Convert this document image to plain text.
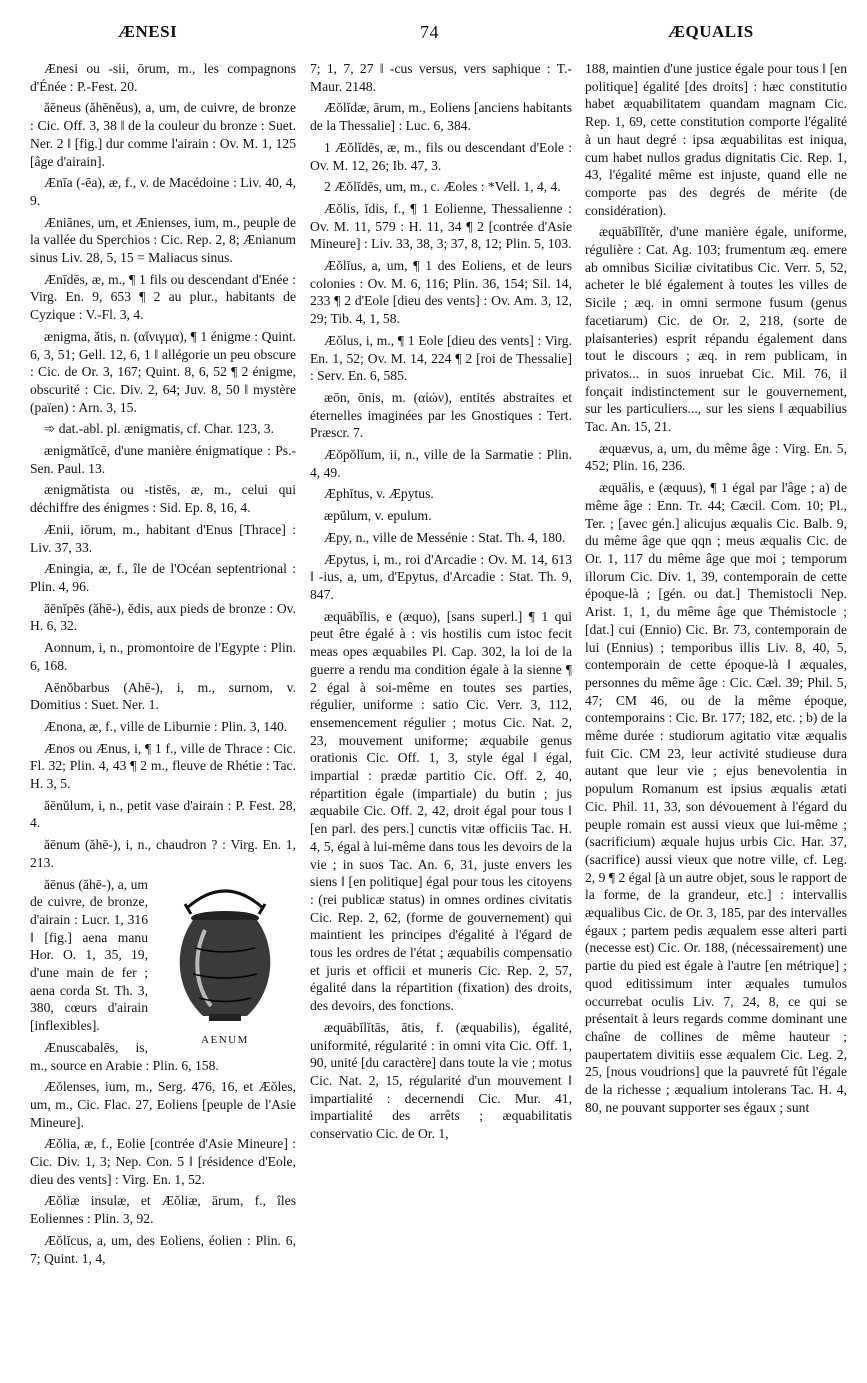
ÆNESI	74	ÆQUALIS

Ænesi ou -sii, ōrum, m., les compagnons d'Énée : P.-Fest. 20.

ăēneus (ăhēnĕus), a, um, de cuivre, de bronze : Cic. Off. 3, 38 ‖ de la couleur du bronze : Suet. Ner. 2 ‖ [fig.] dur comme l'airain : Ov. M. 1, 125 [âge d'airain].

Ænīa (-ēa), æ, f., v. de Macédoine : Liv. 40, 4, 9.

Æniānes, um, et Ænienses, ium, m., peuple de la vallée du Sperchios : Cic. Rep. 2, 8; Ænianum sinus Liv. 28, 5, 15 = Maliacus sinus.

Ænīdēs, æ, m., ¶ 1 fils ou descendant d'Enée : Virg. En. 9, 653 ¶ 2 au plur., habitants de Cyzique : V.-Fl. 3, 4.

ænigma, ătis, n. (αἴνιγμα), ¶ 1 énigme : Quint. 6, 3, 51; Gell. 12, 6, 1 ‖ allégorie un peu obscure : Cic. de Or. 3, 167; Quint. 8, 6, 52 ¶ 2 énigme, obscurité : Cic. Div. 2, 64; Juv. 8, 50 ‖ mystère (païen) : Arn. 3, 15.

➾ dat.-abl. pl. ænigmatis, cf. Char. 123, 3.

ænigmătĭcē, d'une manière énigmatique : Ps.-Sen. Paul. 13.

ænigmătista ou -tistēs, æ, m., celui qui déchiffre des énigmes : Sid. Ep. 8, 16, 4.

Ænii, iōrum, m., habitant d'Enus [Thrace] : Liv. 37, 33.

Æningia, æ, f., île de l'Océan septentrional : Plin. 4, 96.

ăēnĭpēs (ăhē-), ĕdis, aux pieds de bronze : Ov. H. 6, 32.

Aonnum, i, n., promontoire de l'Egypte : Plin. 6, 168.

Aēnŏbarbus (Ahē-), i, m., surnom, v. Domitius : Suet. Ner. 1.

Ænona, æ, f., ville de Liburnie : Plin. 3, 140.

Ænos ou Ænus, i, ¶ 1 f., ville de Thrace : Cic. Fl. 32; Plin. 4, 43 ¶ 2 m., fleuve de Rhétie : Tac. H. 3, 5.

ăēnŭlum, i, n., petit vase d'airain : P. Fest. 28, 4.

ăēnum (ăhē-), i, n., chaudron ? : Virg. En. 1, 213.

AENUM

ăēnus (ăhē-), a, um de cuivre, de bronze, d'airain : Lucr. 1, 316 ‖ [fig.] aena manu Hor. O. 1, 35, 19, d'une main de fer ; aena corda St. Th. 3, 380, cœurs d'airain [inflexibles].

Ænuscabalēs, is, m., source en Arabie : Plin. 6, 158.

Æŏlenses, ium, m., Serg. 476, 16, et Æŏles, um, m., Cic. Flac. 27, Eoliens [peuple de l'Asie Mineure].

Æŏlia, æ, f., Eolie [contrée d'Asie Mineure] : Cic. Div. 1, 3; Nep. Con. 5 ‖ [résidence d'Eole, dieu des vents] : Virg. En. 1, 52.

Æŏliæ insulæ, et Æŏliæ, ārum, f., îles Eoliennes : Plin. 3, 92.

Æŏlĭcus, a, um, des Eoliens, éolien : Plin. 6, 7; Quint. 1, 4,

7; 1, 7, 27 ‖ -cus versus, vers saphique : T.-Maur. 2148.

Æŏlĭdæ, ārum, m., Eoliens [anciens habitants de la Thessalie] : Luc. 6, 384.

1 Æŏlĭdēs, æ, m., fils ou descendant d'Eole : Ov. M. 12, 26; Ib. 47, 3.

2 Æŏlĭdēs, um, m., c. Æoles : *Vell. 1, 4, 4.

Æŏlis, ĭdis, f., ¶ 1 Eolienne, Thessalienne : Ov. M. 11, 579 : H. 11, 34 ¶ 2 [contrée d'Asie Mineure] : Liv. 33, 38, 3; 37, 8, 12; Plin. 5, 103.

Æŏlĭus, a, um, ¶ 1 des Eoliens, et de leurs colonies : Ov. M. 6, 116; Plin. 36, 154; Sil. 14, 233 ¶ 2 d'Eole [dieu des vents] : Ov. Am. 3, 12, 29; Tib. 4, 1, 58.

Æŏlus, i, m., ¶ 1 Eole [dieu des vents] : Virg. En. 1, 52; Ov. M. 14, 224 ¶ 2 [roi de Thessalie] : Serv. En. 6, 585.

æōn, ōnis, m. (αἰών), entités abstraites et éternelles imaginées par les Gnostiques : Tert. Præscr. 7.

Æŏpŏlĭum, ii, n., ville de la Sarmatie : Plin. 4, 49.

Æphĭtus, v. Æpytus.

æpŭlum, v. epulum.

Æpy, n., ville de Messénie : Stat. Th. 4, 180.

Æpytus, i, m., roi d'Arcadie : Ov. M. 14, 613 ‖ -ius, a, um, d'Epytus, d'Arcadie : Stat. Th. 9, 847.

æquābĭlis, e (æquo), [sans superl.] ¶ 1 qui peut être égalé à : vis hostilis cum istoc fecit meas opes æquabiles Pl. Cap. 302, la loi de la guerre a rendu ma condition égale à la sienne ¶ 2 égal à soi-même en toutes ses parties, régulier, uniforme : satio Cic. Verr. 3, 112, ensemencement régulier ; motus Cic. Nat. 2, 23, mouvement uniforme; æquabile genus orationis Cic. Off. 1, 3, style égal ‖ égal, impartial : prædæ partitio Cic. Off. 2, 40, répartition égale (impartiale) du butin ; jus æquabile Cic. Off. 2, 42, droit égal pour tous ‖ [en parl. des pers.] cunctis vitæ officiis Tac. H. 4, 5, égal à lui-même dans tous les devoirs de la vie ; in suos Tac. An. 6, 31, juste envers les siens ‖ [en politique] égal pour tous les citoyens : (rei publicæ status) in omnes ordines civitatis Cic. Rep. 2, 62, (forme de gouvernement) qui maintient les principes d'égalité à l'égard de tous les ordres de l'état ; æquabilis compensatio et juris et officii et muneris Cic. Rep. 2, 57, égalité dans la répartition (fixation) des droits, des devoirs, des fonctions.

æquābĭlĭtās, ātis, f. (æquabilis), égalité, uniformité, régularité : in omni vita Cic. Off. 1, 90, unité [du caractère] dans toute la vie ; motus Cic. Nat. 2, 15, régularité d'un mouvement ‖ impartialité : decernendi Cic. Mur. 41, impartialité des arrêts ; æquabilitatis conservatio Cic. de Or. 1,

188, maintien d'une justice égale pour tous ‖ [en politique] égalité [des droits] : hæc constitutio habet æquabilitatem quandam magnam Cic. Rep. 1, 69, cette constitution comporte l'égalité à un haut degré : ipsa æquabilitas est iniqua, cum habet nullos gradus dignitatis Cic. Rep. 1, 43, l'égalité même est injuste, quand elle ne comporte pas des degrés de mérite (de considération).

æquābĭlĭtĕr, d'une manière égale, uniforme, régulière : Cat. Ag. 103; frumentum æq. emere ab omnibus Siciliæ civitatibus Cic. Verr. 5, 52, acheter le blé également à toutes les villes de Sicile ; æq. in omni sermone fusum (genus facetiarum) Cic. de Or. 2, 218, (sorte de plaisanteries) esprit répandu également dans tout le discours ; æq. in rem publicam, in privatos... in suos inruebat Cic. Mil. 76, il fonçait indistinctement sur le gouvernement, sur les particuliers..., sur les siens ‖ æquabilius Tac. An. 15, 21.

æquævus, a, um, du même âge : Virg. En. 5, 452; Plin. 16, 236.

æquālis, e (æquus), ¶ 1 égal par l'âge ; a) de même âge : Enn. Tr. 44; Cæcil. Com. 10; Pl., Ter. ; [avec gén.] alicujus æqualis Cic. Balb. 9, du même âge que qqn ; meus æqualis Cic. de Or. 1, 117 du même âge que moi ; temporum illorum Cic. Div. 1, 39, contemporain de cette époque-là ; [gén. ou dat.] Themistocli Nep. Arist. 1, 1, du même âge que Thémistocle ; [dat.] cui (Ennio) Cic. Br. 73, contemporain de lui (Ennius) ; temporibus illis Liv. 8, 40, 5, contemporain de cette époque-là ‖ æquales, personnes du même âge : Cic. Cæl. 39; Phil. 5, 47; CM 46, ou de la même époque, contemporains : Cic. Br. 177; 182, etc. ; b) de la même durée : studiorum agitatio vitæ æqualis fuit Cic. CM 23, leur activité studieuse dura autant que leur vie ; ejus benevolentia in populum Romanum est ipsius æqualis ætati Cic. Phil. 11, 33, son dévouement à l'égard du peuple romain est aussi vieux que lui-même ; (sacrificium) æquale hujus urbis Cic. Har. 37, (sacrifice) aussi vieux que notre ville, cf. Leg. 2, 9 ¶ 2 égal [à un autre objet, sous le rapport de la forme, de la grandeur, etc.] : intervallis æqualibus Cic. de Or. 3, 185, par des intervalles égaux ; partem pedis æqualem esse alteri parti (necesse est) Cic. Or. 188, (nécessairement) une partie du pied est égale à l'autre [en métrique] ; quod editissimum inter æquales tumulos occurrebat oculis Liv. 7, 24, 8, ce qui se présentait à leurs regards comme dominant une chaîne de collines de même hauteur ; paupertatem divitiis esse æqualem Cic. Leg. 2, 25, [nous voudrions] que la pauvreté fût l'égale de la richesse ; æqualium intolerans Tac. H. 4, 80, ne pouvant supporter ses égaux ; sunt
